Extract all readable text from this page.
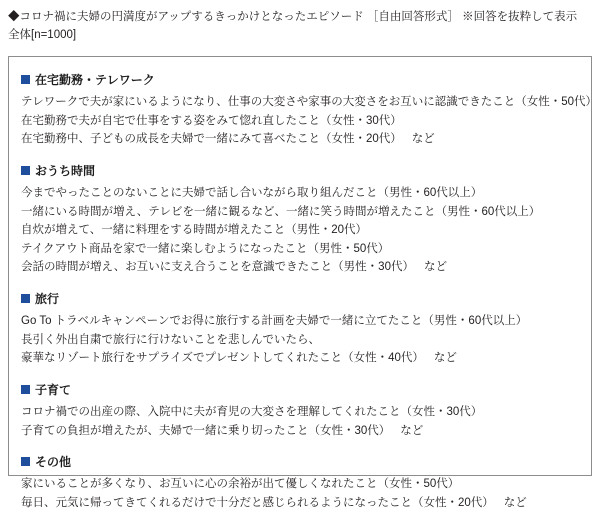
◆コロナ禍に夫婦の円満度がアップするきっかけとなったエピソード ［自由回答形式］ ※回答を抜粋して表示
全体[n=1000]
在宅勤務・テレワーク
テレワークで夫が家にいるようになり、仕事の大変さや家事の大変さをお互いに認識できたこと（女性・50代）
在宅勤務で夫が自宅で仕事をする姿をみて惚れ直したこと（女性・30代）
在宅勤務中、子どもの成長を夫婦で一緒にみて喜べたこと（女性・20代） など
おうち時間
今までやったことのないことに夫婦で話し合いながら取り組んだこと（男性・60代以上）
一緒にいる時間が増え、テレビを一緒に観るなど、一緒に笑う時間が増えたこと（男性・60代以上）
自炊が増えて、一緒に料理をする時間が増えたこと（男性・20代）
テイクアウト商品を家で一緒に楽しむようになったこと（男性・50代）
会話の時間が増え、お互いに支え合うことを意識できたこと（男性・30代） など
旅行
Go To トラベルキャンペーンでお得に旅行する計画を夫婦で一緒に立てたこと（男性・60代以上）
長引く外出自粛で旅行に行けないことを悲しんでいたら、
豪華なリゾート旅行をサプライズでプレゼントしてくれたこと（女性・40代） など
子育て
コロナ禍での出産の際、入院中に夫が育児の大変さを理解してくれたこと（女性・30代）
子育ての負担が増えたが、夫婦で一緒に乗り切ったこと（女性・30代） など
その他
家にいることが多くなり、お互いに心の余裕が出て優しくなれたこと（女性・50代）
毎日、元気に帰ってきてくれるだけで十分だと感じられるようになったこと（女性・20代） など
